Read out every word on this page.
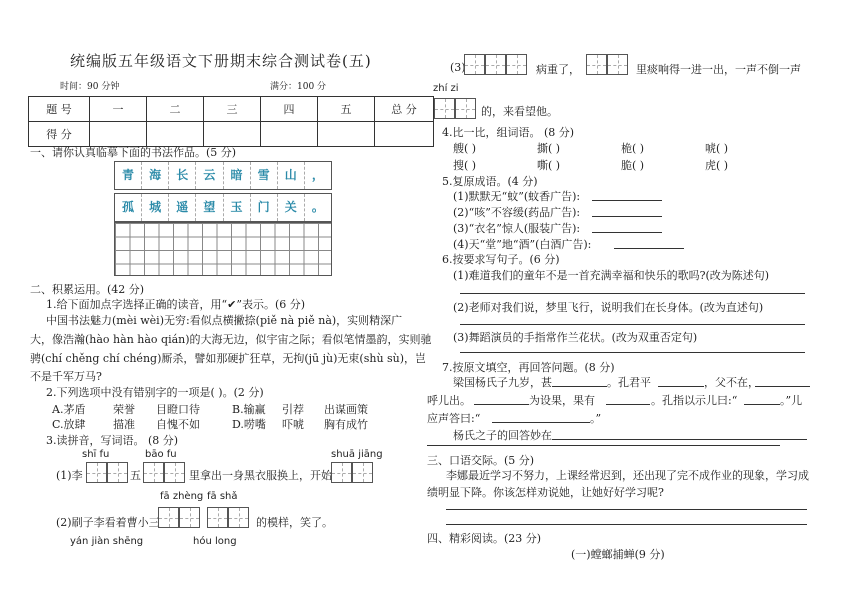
统编版五年级语文下册期末综合测试卷(五)
时间：90 分钟	满分：100 分
题 号	一	二	三	四	五	总 分
得 分						
一、请你认真临摹下面的书法作品。(5 分)
青	海	长	云	暗	雪	山	，
孤	城	遥	望	玉	门	关	。
二、积累运用。(42 分)
1.给下面加点字选择正确的读音，用“✔”表示。(6 分)
中国书法魅力(mèi wèi)无穷:看似点横撇捺(piě nà piě nà)，实则精深广
大，像浩瀚(hào hàn hào qián)的大海无边，似宇宙之际；看似笔情墨韵，实则驰
骋(chí chěng chí chéng)厮杀，譬如那硬扩狂草，无拘(jū jù)无束(shù sù)，岂
不是千军万马?
2.下列选项中没有错别字的一项是( )。(2 分)
A.茅盾	荣誉 目瞪口待	B.输赢 引荐 出谋画策
C.放肆 描准 自愧不如	D.唠嘴 吓唬 胸有成竹
3.读拼音，写词语。 (8 分)
shī fu	bāo fu	shuā jiāng
(1)李	五	里拿出一身黑衣服换上，开始
fā zhèng fā shǎ
(2)刷子李看着曹小三	的模样，笑了。
yán jiàn shēng	hóu long
(3)	病重了，	里痰响得一进一出，一声不倒一声
zhí zi
的，来看望他。
4.比一比，组词语。 (8 分)
艘( )	撕( )	桅( )	唬( )
搜( )	嘶( )	脆( )	虎( )
5.复原成语。(4 分)
(1)默默无“蚊”(蚊香广告):
(2)“咳”不容缓(药品广告):
(3)“衣名”惊人(服装广告):
(4)天“堂”地“酒”(白酒广告):
6.按要求写句子。(6 分)
(1)难道我们的童年不是一首充满幸福和快乐的歌吗?(改为陈述句)
(2)老师对我们说，梦里飞行，说明我们在长身体。(改为直述句)
(3)舞蹈演员的手指常作兰花状。(改为双重否定句)
7.按原文填空，再回答问题。(8 分)
梁国杨氏子九岁，甚	。孔君平	，父不在，
呼儿出。	为设果，果有	。孔指以示儿曰:“	。”儿
应声答曰:“	。”
杨氏之子的回答妙在
三、口语交际。(5 分)
李娜最近学习不努力，上课经常迟到，还出现了完不成作业的现象，学习成
绩明显下降。你该怎样劝说她，让她好好学习呢?
四、精彩阅读。(23 分)
(一)螳螂捕蝉(9 分)
